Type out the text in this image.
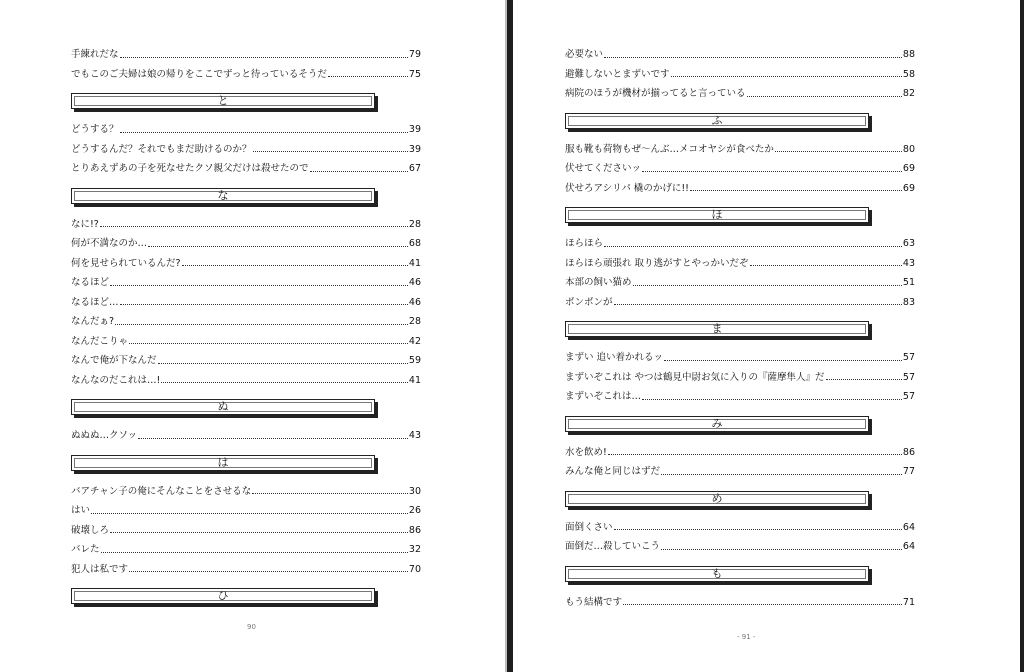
手練れだな	79
でもこのご夫婦は娘の帰りをここでずっと待っているそうだ	75
と
どうする？	39
どうするんだ？それでもまだ助けるのか？	39
とりあえずあの子を死なせたクソ親父だけは殺せたので	67
な
なに!?	28
何が不満なのか…	68
何を見せられているんだ?	41
なるほど	46
なるほど…	46
なんだぁ?	28
なんだこりゃ	42
なんで俺が下なんだ	59
なんなのだこれは…!	41
ぬ
ぬぬぬ…クソッ	43
は
バアチャン子の俺にそんなことをさせるな	30
はい	26
破壊しろ	86
バレた	32
犯人は私です	70
ひ
90
必要ない	88
避難しないとまずいです	58
病院のほうが機材が揃ってると言っている	82
ふ
服も靴も荷物もぜ〜んぶ…メコオヤシが食べたか	80
伏せてくださいッ	69
伏せろアシリパ 橇のかげに!!	69
ほ
ほらほら	63
ほらほら頑張れ 取り逃がすとやっかいだぞ	43
本部の飼い猫め	51
ボンボンが	83
ま
まずい 追い着かれるッ	57
まずいぞこれは やつは鶴見中尉お気に入りの『薩摩隼人』だ	57
まずいぞこれは…	57
み
水を飲め!	86
みんな俺と同じはずだ	77
め
面倒くさい	64
面倒だ…殺していこう	64
も
もう結構です	71
- 91 -
